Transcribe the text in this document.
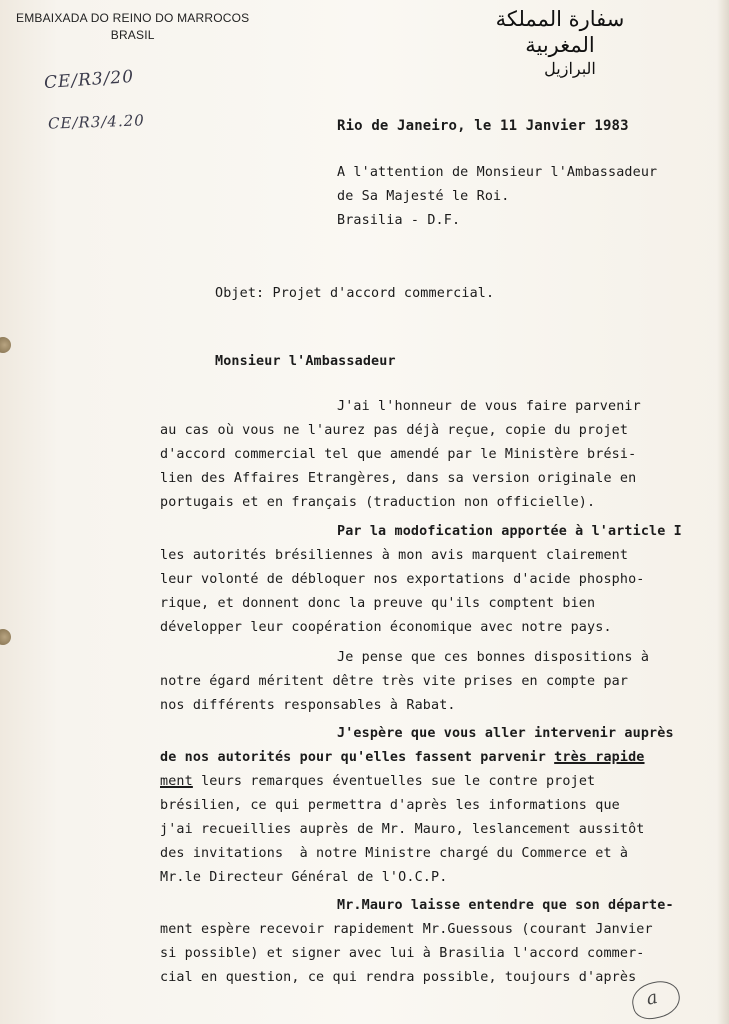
EMBAIXADA DO REINO DO MARROCOS
BRASIL
سفارة المملكة المغربية
البرازيل
CE/R3/20
CE/R3/4.20	Rio de Janeiro, le 11 Janvier 1983
A l'attention de Monsieur l'Ambassadeur
de Sa Majesté le Roi.
Brasilia - D.F.
Objet: Projet d'accord commercial.
Monsieur l'Ambassadeur
J'ai l'honneur de vous faire parvenir
au cas où vous ne l'aurez pas déjà reçue, copie du projet
d'accord commercial tel que amendé par le Ministère brési-
lien des Affaires Etrangères, dans sa version originale en
portugais et en français (traduction non officielle).
Par la modofication apportée à l'article I
les autorités brésiliennes à mon avis marquent clairement
leur volonté de débloquer nos exportations d'acide phospho-
rique, et donnent donc la preuve qu'ils comptent bien
développer leur coopération économique avec notre pays.
Je pense que ces bonnes dispositions à
notre égard méritent dêtre très vite prises en compte par
nos différents responsables à Rabat.
J'espère que vous aller intervenir auprès
de nos autorités pour qu'elles fassent parvenir très rapide
ment leurs remarques éventuelles sue le contre projet
brésilien, ce qui permettra d'après les informations que
j'ai recueillies auprès de Mr. Mauro, leslancement aussitôt
des invitations  à notre Ministre chargé du Commerce et à
Mr.le Directeur Général de l'O.C.P.
Mr.Mauro laisse entendre que son départe-
ment espère recevoir rapidement Mr.Guessous (courant Janvier
si possible) et signer avec lui à Brasilia l'accord commer-
cial en question, ce qui rendra possible, toujours d'après
a
